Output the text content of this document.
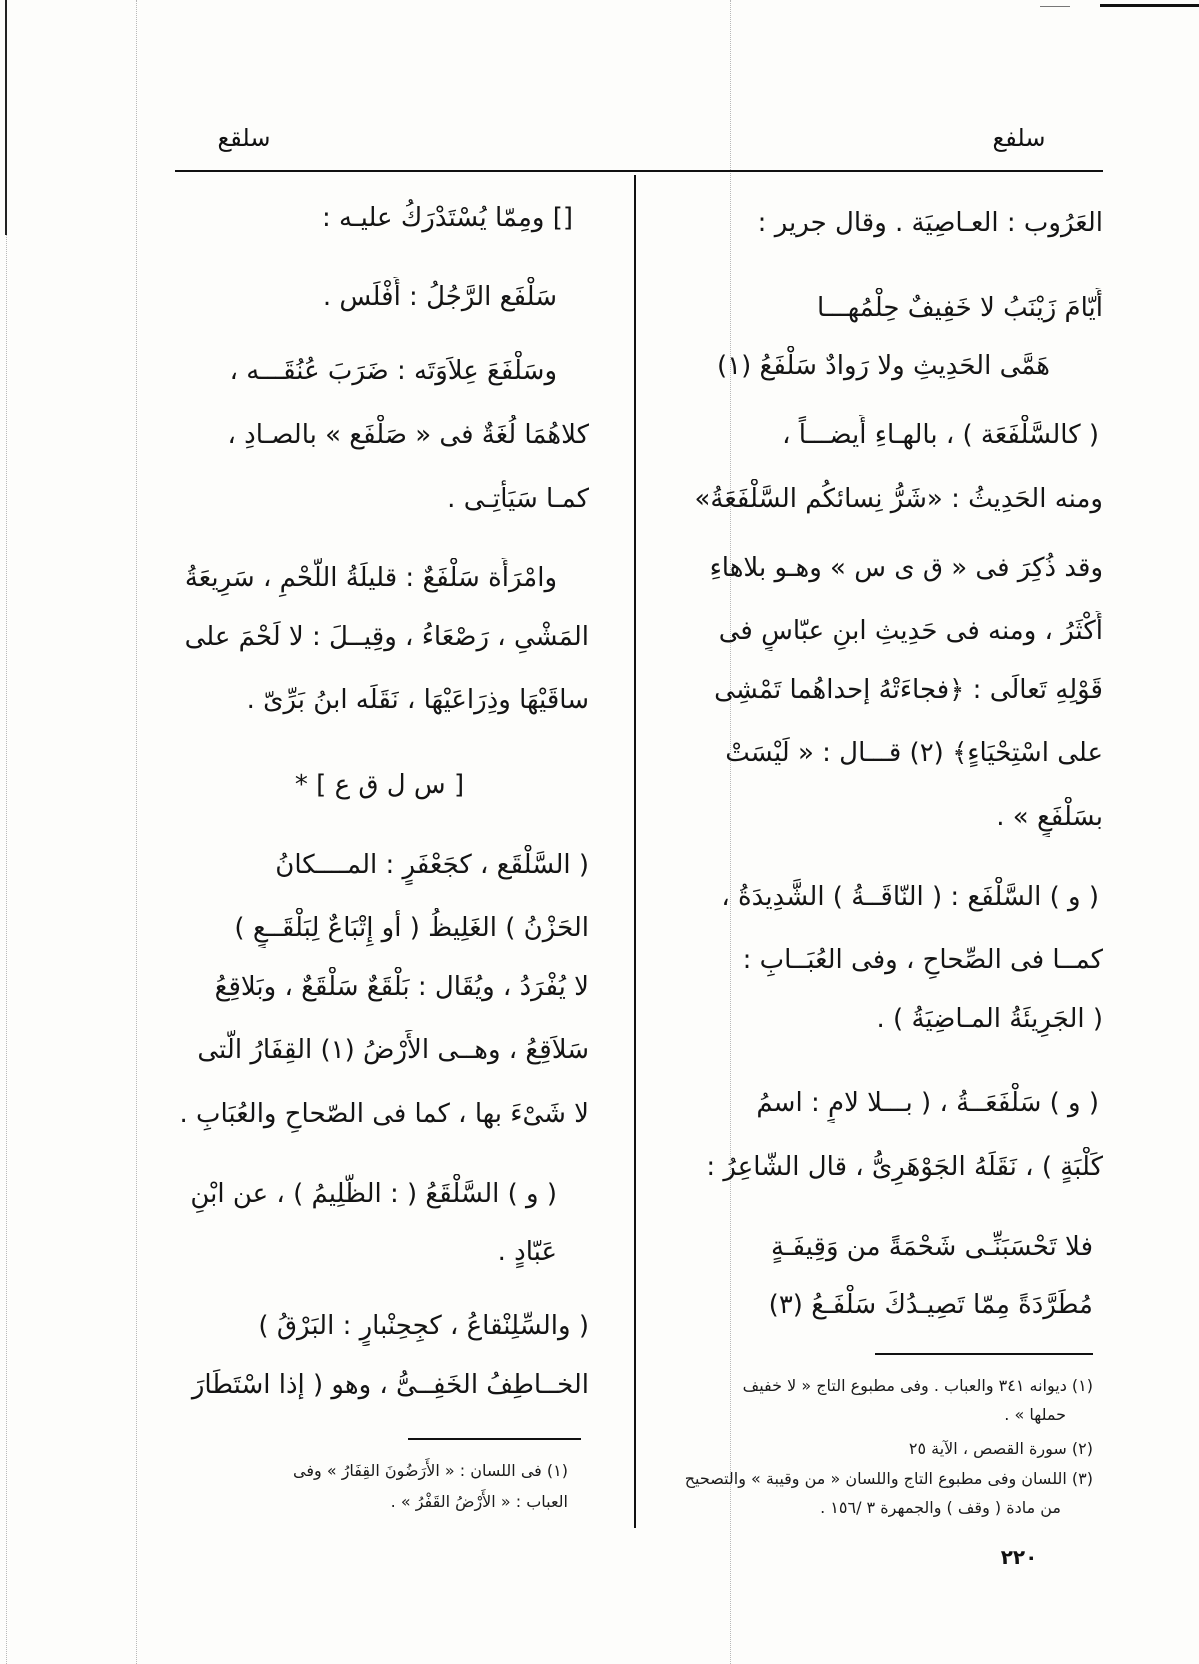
سلقع	سلفع
العَرُوب : العـاصِيَة . وقال جرير :
أَيّامَ زَيْنَبُ لا خَفِيفٌ حِلْمُهـــا
هَمَّى الحَدِيثِ ولا رَوادٌ سَلْفَعُ (١)
( كالسَّلْفَعَة ) ، بالهـاءِ أَيضـــاً ،
ومنه الحَدِيثُ : «شَرُّ نِسائكُم السَّلْفَعَةُ»
وقد ذُكِرَ فى « ق ى س » وهـو بلاهاءِ
أَكْثَرُ ، ومنه فى حَدِيثِ ابنِ عبّاسٍ فى
قَوْلِهِ تَعالَى : ﴿فجاءَتْهُ إحداهُما تَمْشِى
على اسْتِحْيَاءٍ﴾ (٢) قـــال : « لَيْسَتْ
بسَلْفَعٍ » .
( و ) السَّلْفَع : ( النّاقَــةُ ) الشَّدِيدَةُ ،
كمــا فى الصِّحاحِ ، وفى العُبَــابِ :
( الجَرِيئَةُ المـاضِيَةُ ) .
( و ) سَلْفَعَــةُ ، ( بـــلا لامٍ : اسمُ
كَلْبَةٍ ) ، نَقَلَهُ الجَوْهَرِىُّ ، قال الشّاعِرُ :
فلا تَحْسَبَنِّـى شَحْمَةً من وَقِيفَـةٍ
مُطَرَّدَةً مِمّا تَصِيـدُكَ سَلْفَـعُ (٣)
(١) ديوانه ٣٤١ والعباب . وفى مطبوع التاج « لا خفيف
حملها » .
(٢) سورة القصص ، الآية ٢٥
(٣) اللسان وفى مطبوع التاج واللسان « من وقيبة » والتصحيح
من مادة ( وقف ) والجمهرة ٣ /١٥٦ .
[] ومِمّا يُسْتَدْرَكُ عليـه :
سَلْفَع الرَّجُلُ : أَفْلَس .
وسَلْفَعَ عِلاَوَتَه : ضَرَبَ عُنُقَـــه ،
كلاهُمَا لُغَةٌ فى « صَلْفَع » بالصـادِ ،
كمـا سَيَأْتِـى .
وامْرَأَة سَلْفَعٌ : قليلَةُ اللَّحْمِ ، سَرِيعَةُ
المَشْىِ ، رَصْعَاءُ ، وقِيــلَ : لا لَحْمَ على
ساقَيْهَا وذِرَاعَيْهَا ، نَقَلَه ابنُ بَرِّىّ .
[ س ل ق ع ] *
( السَّلْقَع ، كجَعْفَرٍ : المــــكانُ
الحَزْنُ ) الغَلِيظُ ( أو إِتْبَاعٌ لِبَلْقَــعٍ )
لا يُفْرَدُ ، ويُقَال : بَلْقَعٌ سَلْقَعٌ ، وبَلاقِعُ
سَلاَقِعُ ، وهــى الأَرْضُ (١) القِفَارُ الّتى
لا شَىْءَ بها ، كما فى الصّحاحِ والعُبَابِ .
( و ) السَّلْقَعُ ( : الظَّلِيمُ ) ، عن ابْنِ
عَبّادٍ .
( والسِّلِنْقاعُ ، كجِحِنْبارٍ : البَرْقُ )
الخــاطِفُ الخَفِــىُّ ، وهو ( إذا اسْتَطَارَ
(١) فى اللسان : « الأَرَضُونَ القِفَارُ » وفى
العباب : « الأَرْضُ القَفْرُ » .
٢٢٠
